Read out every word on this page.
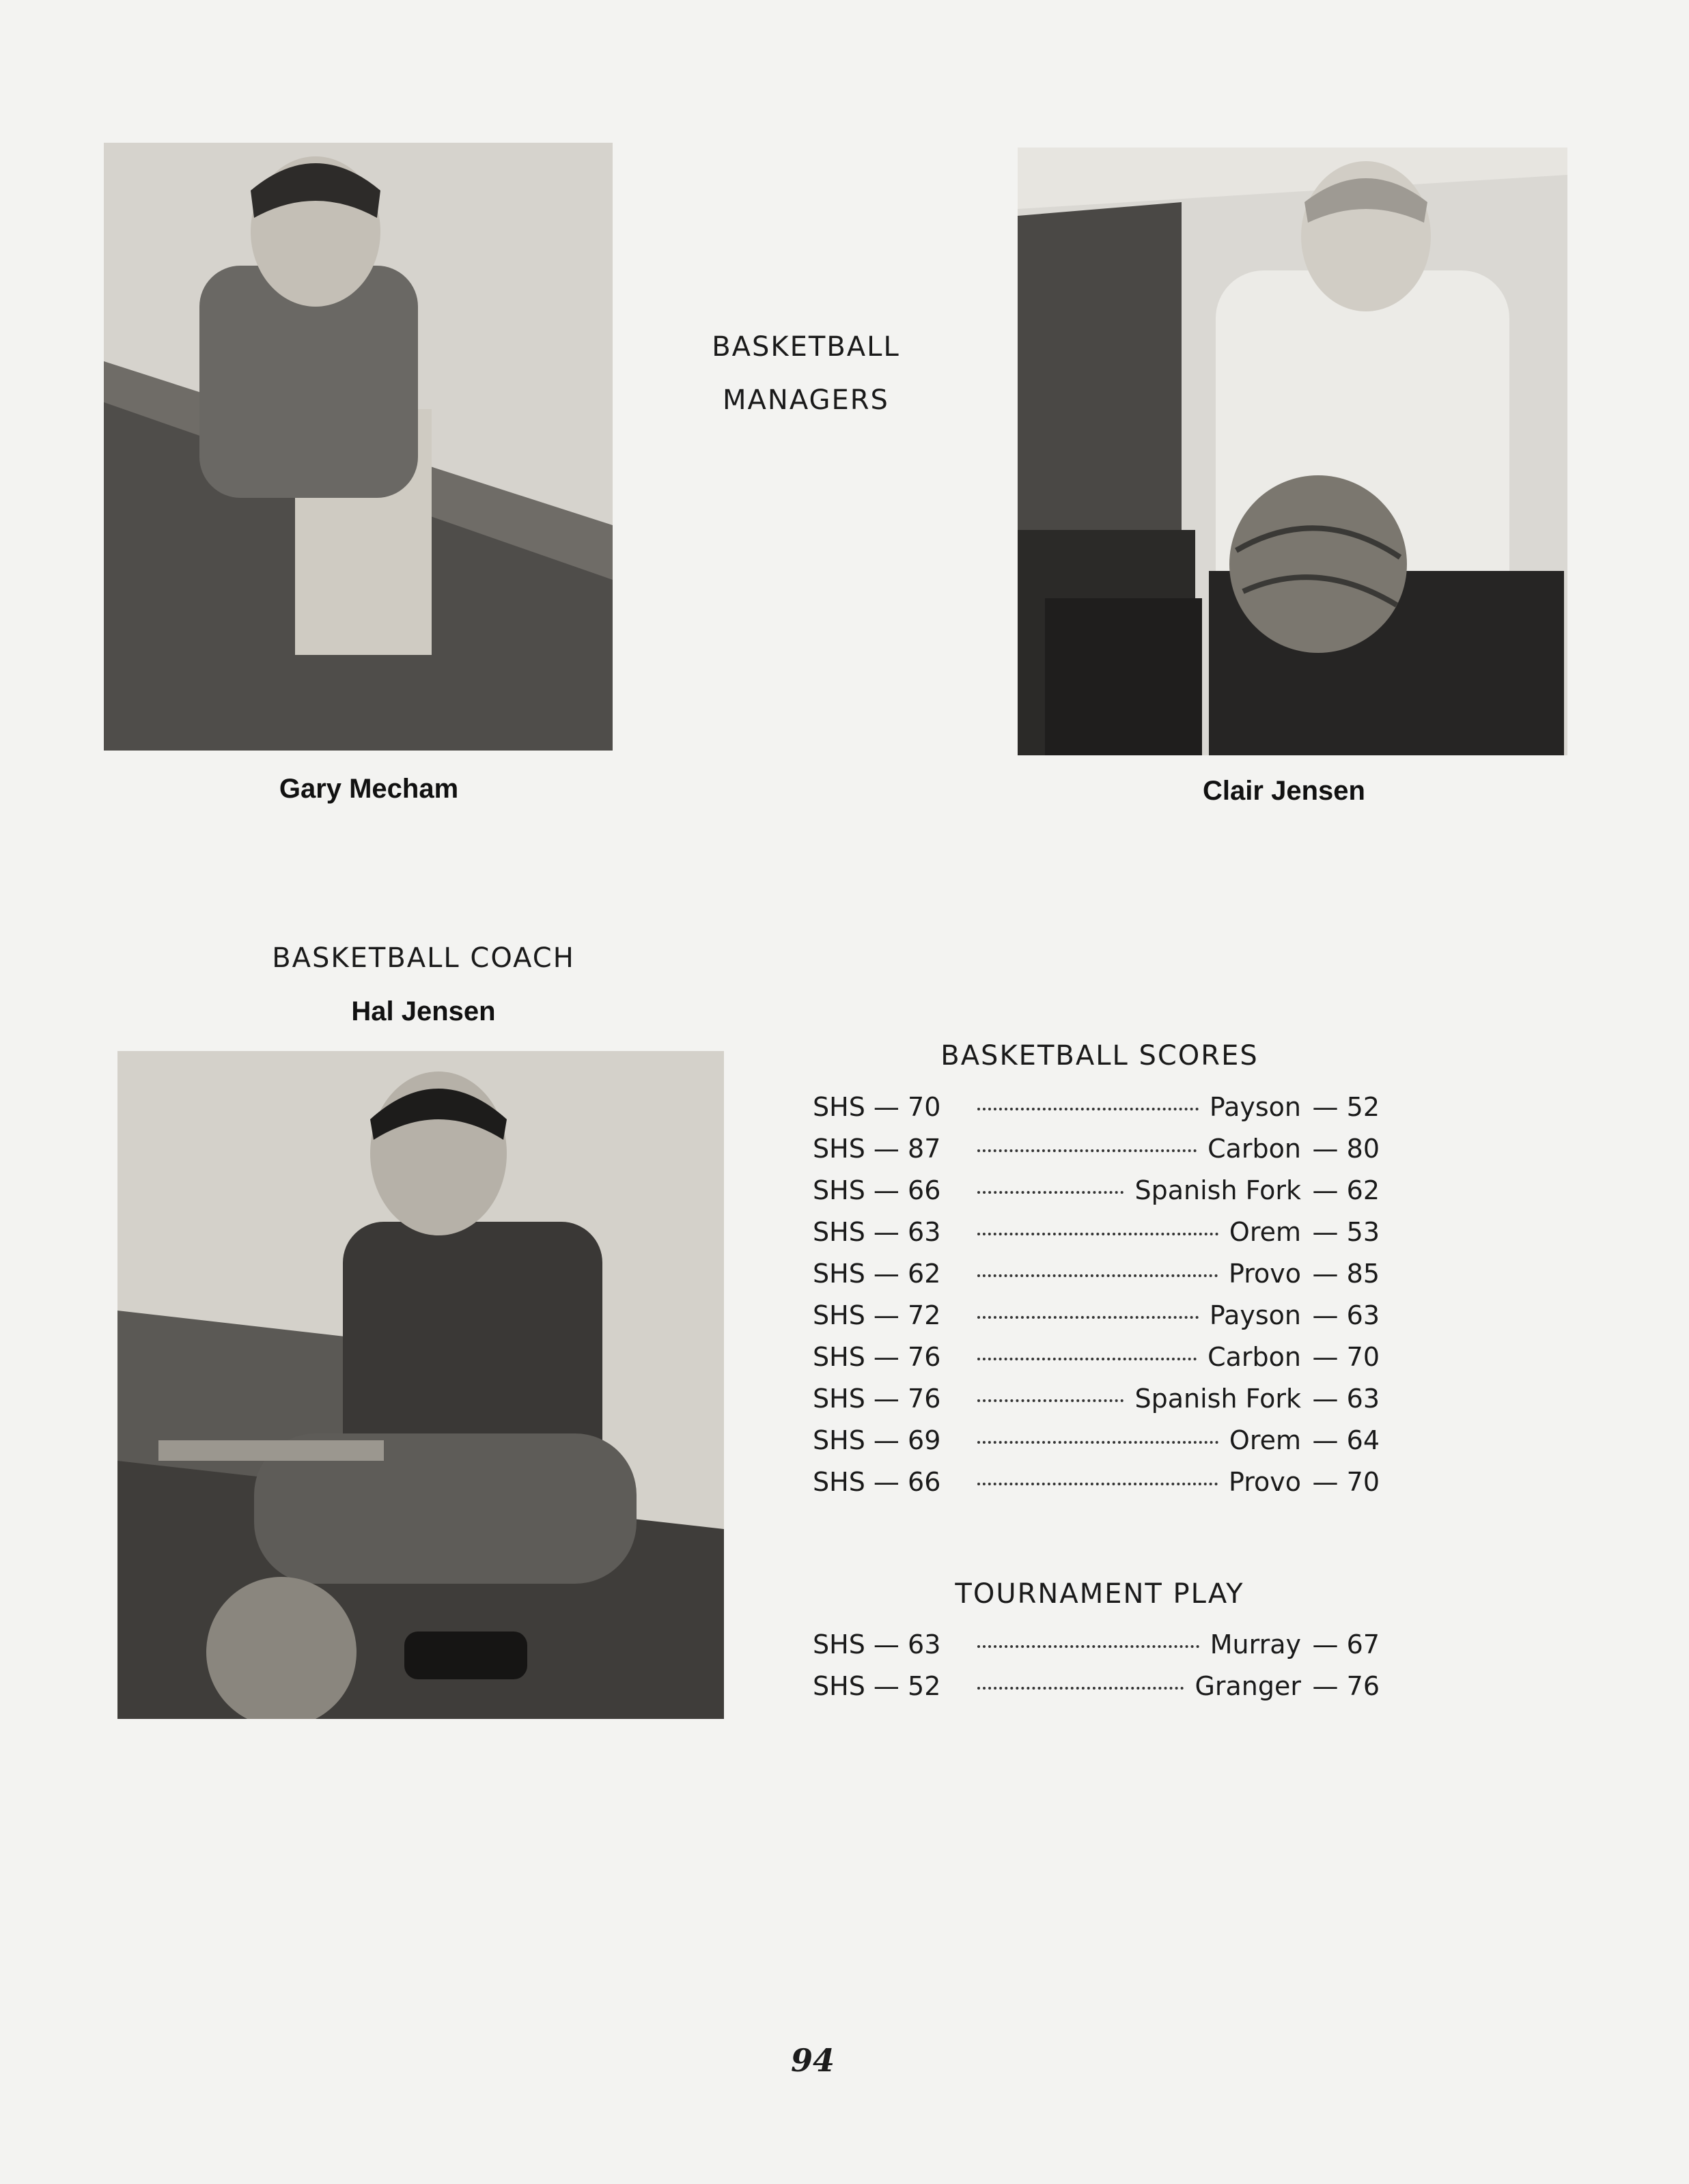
Gary Mecham
BASKETBALL
MANAGERS
Clair Jensen
BASKETBALL COACH
Hal Jensen
BASKETBALL SCORES
SHS — 70	Payson — 52
SHS — 87	Carbon — 80
SHS — 66	Spanish Fork — 62
SHS — 63	Orem — 53
SHS — 62	Provo — 85
SHS — 72	Payson — 63
SHS — 76	Carbon — 70
SHS — 76	Spanish Fork — 63
SHS — 69	Orem — 64
SHS — 66	Provo — 70
TOURNAMENT PLAY
SHS — 63	Murray — 67
SHS — 52	Granger — 76
94
